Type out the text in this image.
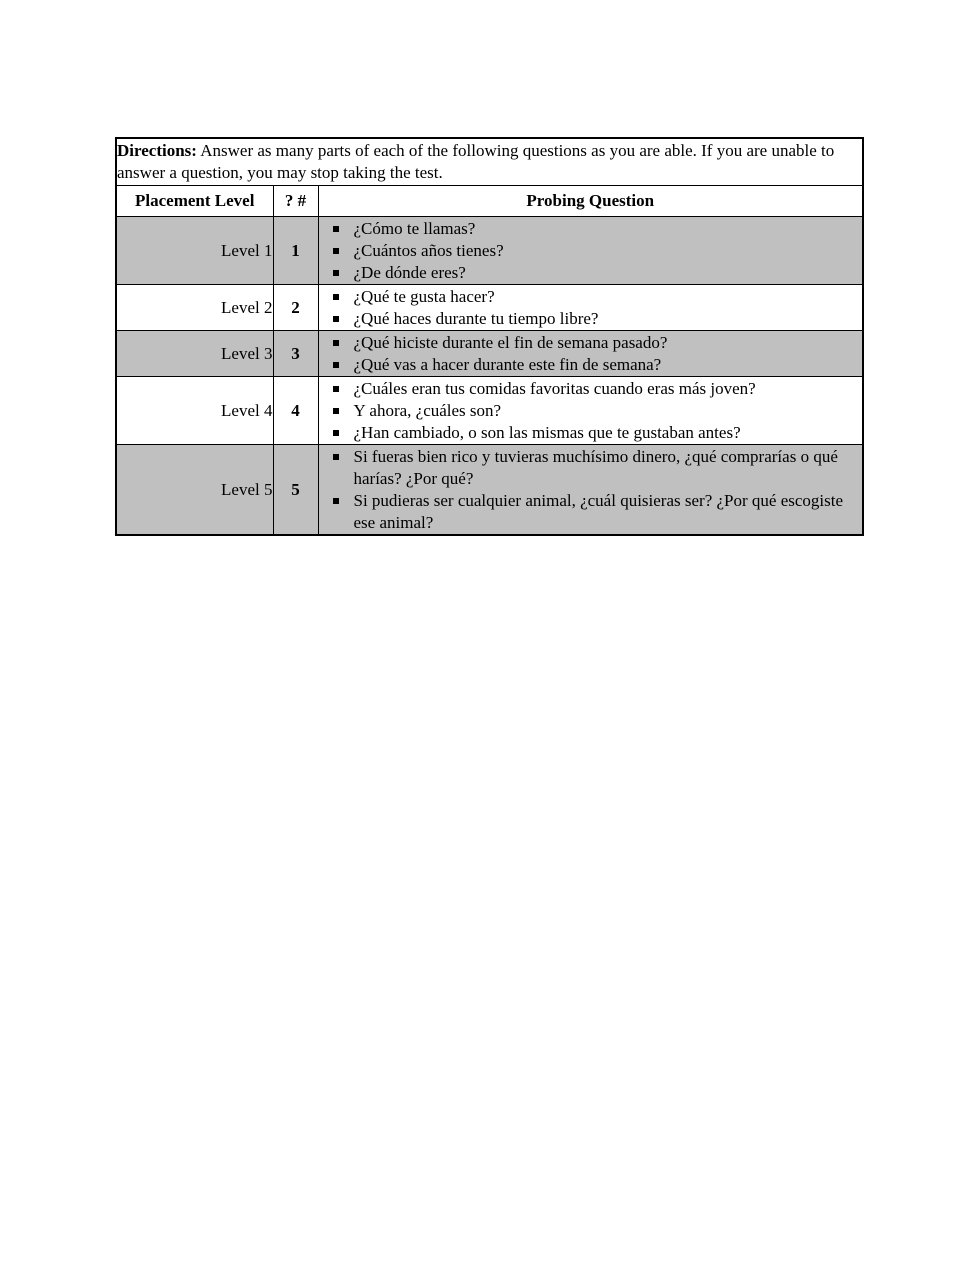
Directions: Answer as many parts of each of the following questions as you are able. If you are unable to answer a question, you may stop taking the test.		
Placement Level	? #	Probing Question
Level 1	1	
¿Cómo te llamas?
¿Cuántos años tienes?
¿De dónde eres?

Level 2	2	
¿Qué te gusta hacer?
¿Qué haces durante tu tiempo libre?

Level 3	3	
¿Qué hiciste durante el fin de semana pasado?
¿Qué vas a hacer durante este fin de semana?

Level 4	4	
¿Cuáles eran tus comidas favoritas cuando eras más joven?
Y ahora, ¿cuáles son?
¿Han cambiado, o son las mismas que te gustaban antes?

Level 5	5	
Si fueras bien rico y tuvieras muchísimo dinero, ¿qué comprarías o qué harías? ¿Por qué?
Si pudieras ser cualquier animal, ¿cuál quisieras ser? ¿Por qué escogiste ese animal?
